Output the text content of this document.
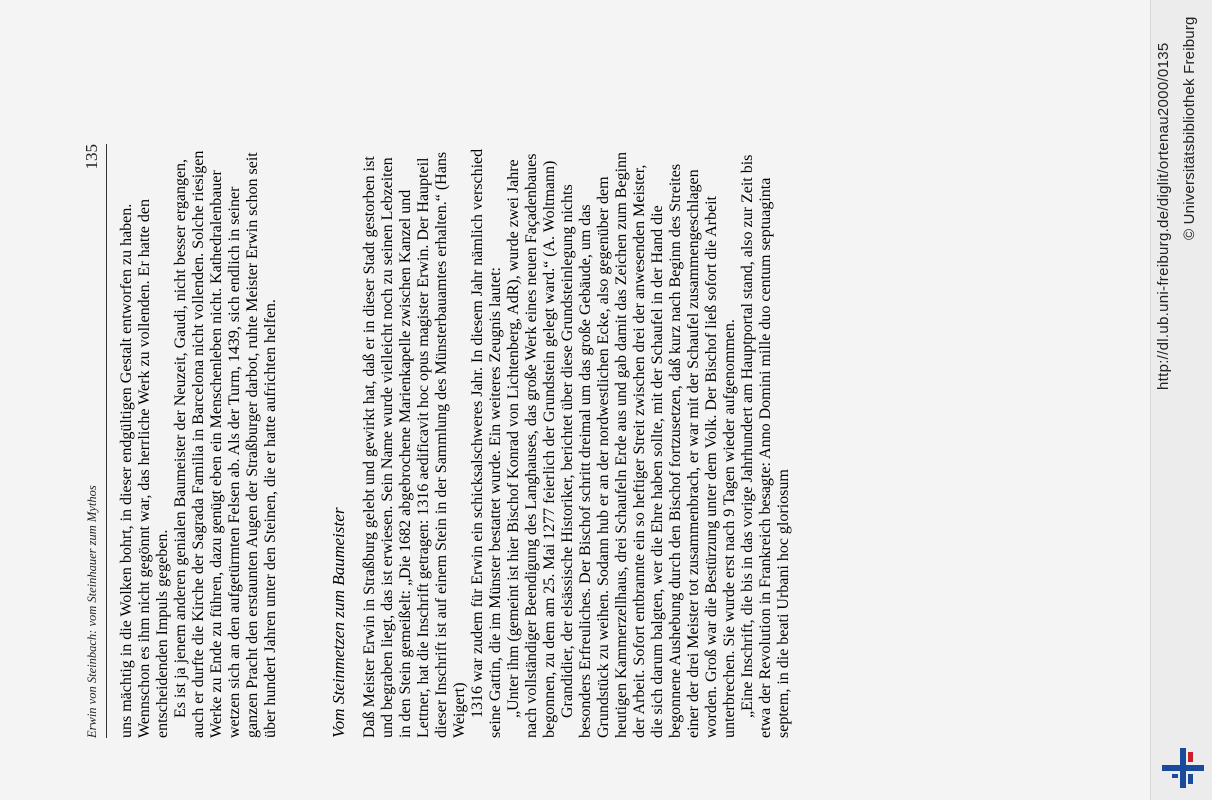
Erwin von Steinbach: vom Steinhauer zum Mythos
135

uns mächtig in die Wolken bohrt, in dieser endgültigen Gestalt entworfen zu haben. Wennschon es ihm nicht gegönnt war, das herrliche Werk zu vollenden. Er hatte den entscheidenden Impuls gegeben. Es ist ja jenem anderen genialen Baumeister der Neuzeit, Gaudi, nicht besser ergangen, auch er durfte die Kirche der Sagrada Familia in Barcelona nicht vollenden. Solche riesigen Werke zu Ende zu führen, dazu genügt eben ein Menschenleben nicht. Kathedralenbauer wetzen sich an den aufgetürmten Felsen ab. Als der Turm, 1439, sich endlich in seiner ganzen Pracht den erstaunten Augen der Straßburger darbot, ruhte Meister Erwin schon seit über hundert Jahren unter den Steinen, die er hatte aufrichten helfen.	Vom Steinmetzen zum Baumeister Daß Meister Erwin in Straßburg gelebt und gewirkt hat, daß er in dieser Stadt gestorben ist und begraben liegt, das ist erwiesen. Sein Name wurde vielleicht noch zu seinen Lebzeiten in den Stein gemeißelt: „Die 1682 abgebrochene Marienkapelle zwischen Kanzel und Lettner, hat die Inschrift getragen: 1316 aedificavit hoc opus magister Erwin. Der Haupteil dieser Inschrift ist auf einem Stein in der Sammlung des Münsterbauamtes erhalten.“ (Hans Weigert) 1316 war zudem für Erwin ein schicksalschweres Jahr. In diesem Jahr nämlich verschied seine Gattin, die im Münster bestattet wurde. Ein weiteres Zeugnis lautet: „Unter ihm (gemeint ist hier Bischof Konrad von Lichtenberg, AdR), wurde zwei Jahre nach vollständiger Beendigung des Langhauses, das große Werk eines neuen Façadenbaues begonnen, zu dem am 25. Mai 1277 feierlich der Grundstein gelegt ward.“ (A. Woltmann) Grandidier, der elsässische Historiker, berichtet über diese Grundsteinlegung nichts besonders Erfreuliches. Der Bischof schritt dreimal um das große Gebäude, um das Grundstück zu weihen. Sodann hub er an der nordwestlichen Ecke, also gegenüber dem heutigen Kammerzellhaus, drei Schaufeln Erde aus und gab damit das Zeichen zum Beginn der Arbeit. Sofort entbrannte ein so heftiger Streit zwischen drei der anwesenden Meister, die sich darum balgten, wer die Ehre haben sollte, mit der Schaufel in der Hand die begonnene Aushebung durch den Bischof fortzusetzen, daß kurz nach Beginn des Streites einer der drei Meister tot zusammenbrach, er war mit der Schaufel zusammengeschlagen worden. Groß war die Bestürzung unter dem Volk. Der Bischof ließ sofort die Arbeit unterbrechen. Sie wurde erst nach 9 Tagen wieder aufgenommen. „Eine Inschrift, die bis in das vorige Jahrhundert am Hauptportal stand, also zur Zeit bis etwa der Revolution in Frankreich besagte: Anno Domini mille duo centum septuaginta septem, in die beati Urbani hoc gloriosum

http://dl.ub.uni-freiburg.de/diglit/ortenau2000/0135 © Universitätsbibliothek Freiburg
